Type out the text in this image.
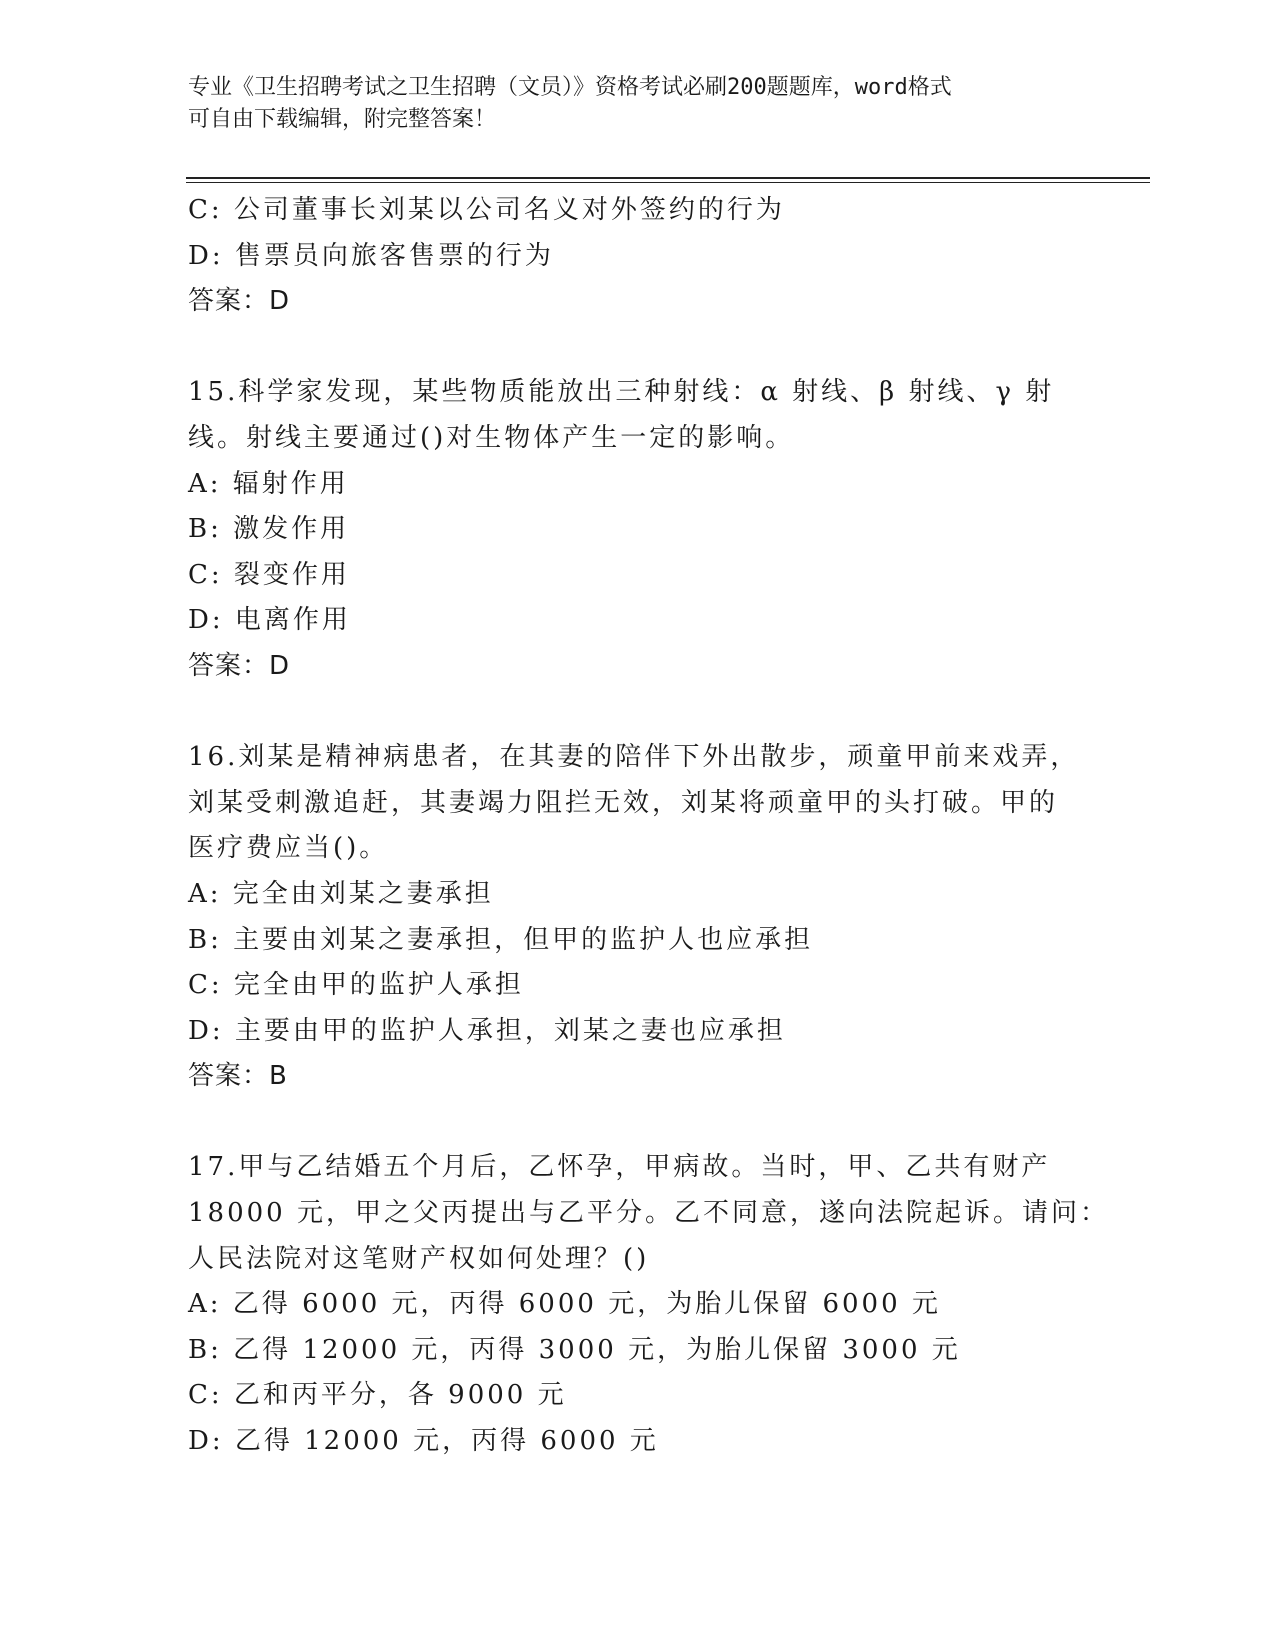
专业《卫生招聘考试之卫生招聘（文员）》资格考试必刷200题题库，word格式
可自由下载编辑，附完整答案！
C: 公司董事长刘某以公司名义对外签约的行为
D: 售票员向旅客售票的行为
答案：D
15.科学家发现，某些物质能放出三种射线：α 射线、β 射线、γ 射
线。射线主要通过()对生物体产生一定的影响。
A: 辐射作用
B: 激发作用
C: 裂变作用
D: 电离作用
答案：D
16.刘某是精神病患者，在其妻的陪伴下外出散步，顽童甲前来戏弄，
刘某受刺激追赶，其妻竭力阻拦无效，刘某将顽童甲的头打破。甲的
医疗费应当()。
A: 完全由刘某之妻承担
B: 主要由刘某之妻承担，但甲的监护人也应承担
C: 完全由甲的监护人承担
D: 主要由甲的监护人承担，刘某之妻也应承担
答案：B
17.甲与乙结婚五个月后，乙怀孕，甲病故。当时，甲、乙共有财产
18000 元，甲之父丙提出与乙平分。乙不同意，遂向法院起诉。请问：
人民法院对这笔财产权如何处理？()
A: 乙得 6000 元，丙得 6000 元，为胎儿保留 6000 元
B: 乙得 12000 元，丙得 3000 元，为胎儿保留 3000 元
C: 乙和丙平分，各 9000 元
D: 乙得 12000 元，丙得 6000 元
